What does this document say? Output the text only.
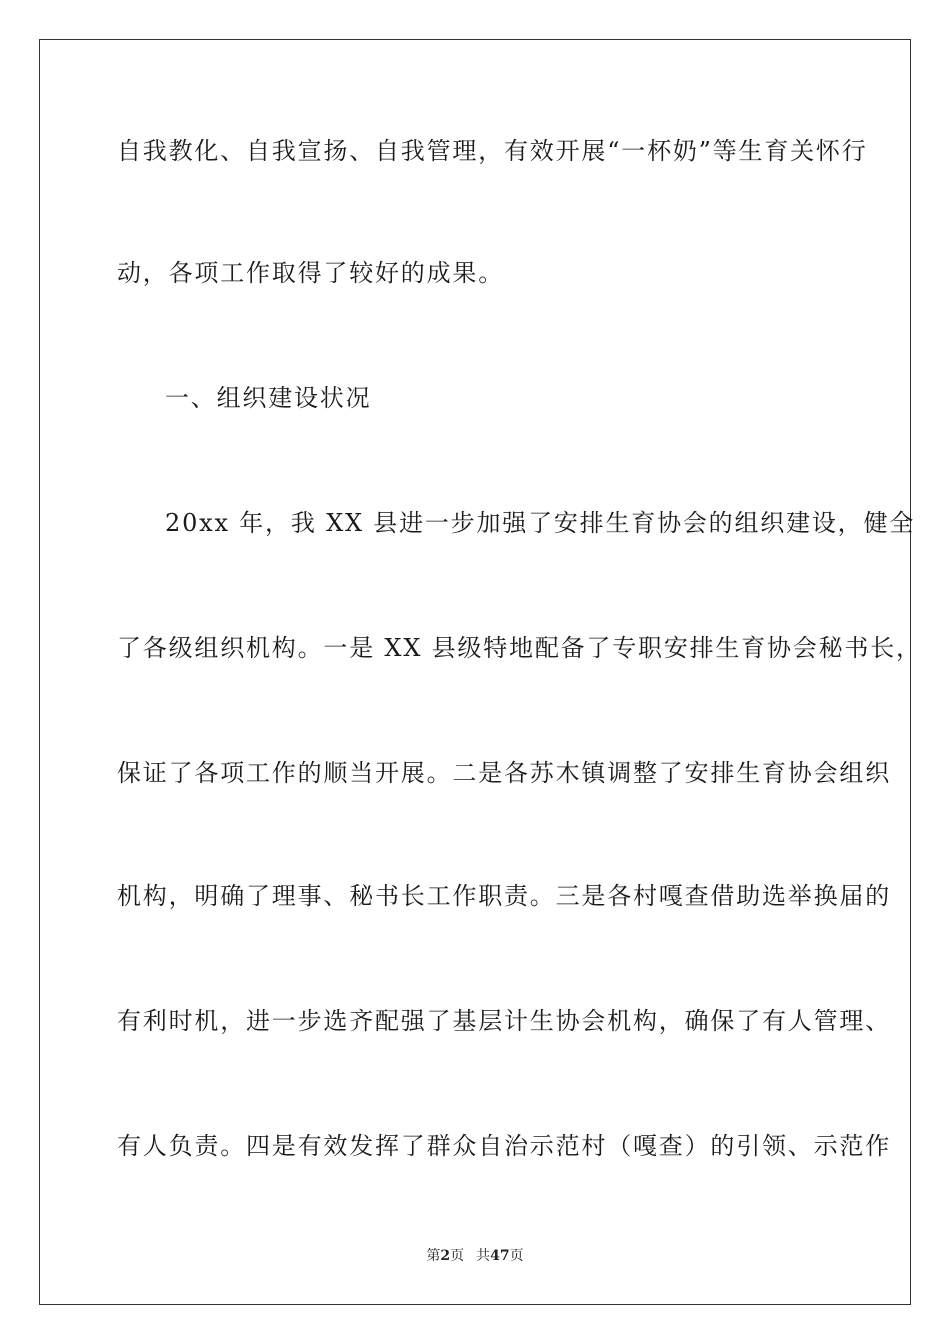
自我教化、自我宣扬、自我管理，有效开展“一杯奶”等生育关怀行
动，各项工作取得了较好的成果。
一、组织建设状况
20xx 年，我 XX 县进一步加强了安排生育协会的组织建设，健全
了各级组织机构。一是 XX 县级特地配备了专职安排生育协会秘书长，
保证了各项工作的顺当开展。二是各苏木镇调整了安排生育协会组织
机构，明确了理事、秘书长工作职责。三是各村嘎查借助选举换届的
有利时机，进一步选齐配强了基层计生协会机构，确保了有人管理、
有人负责。四是有效发挥了群众自治示范村（嘎查）的引领、示范作
第2页 共47页
